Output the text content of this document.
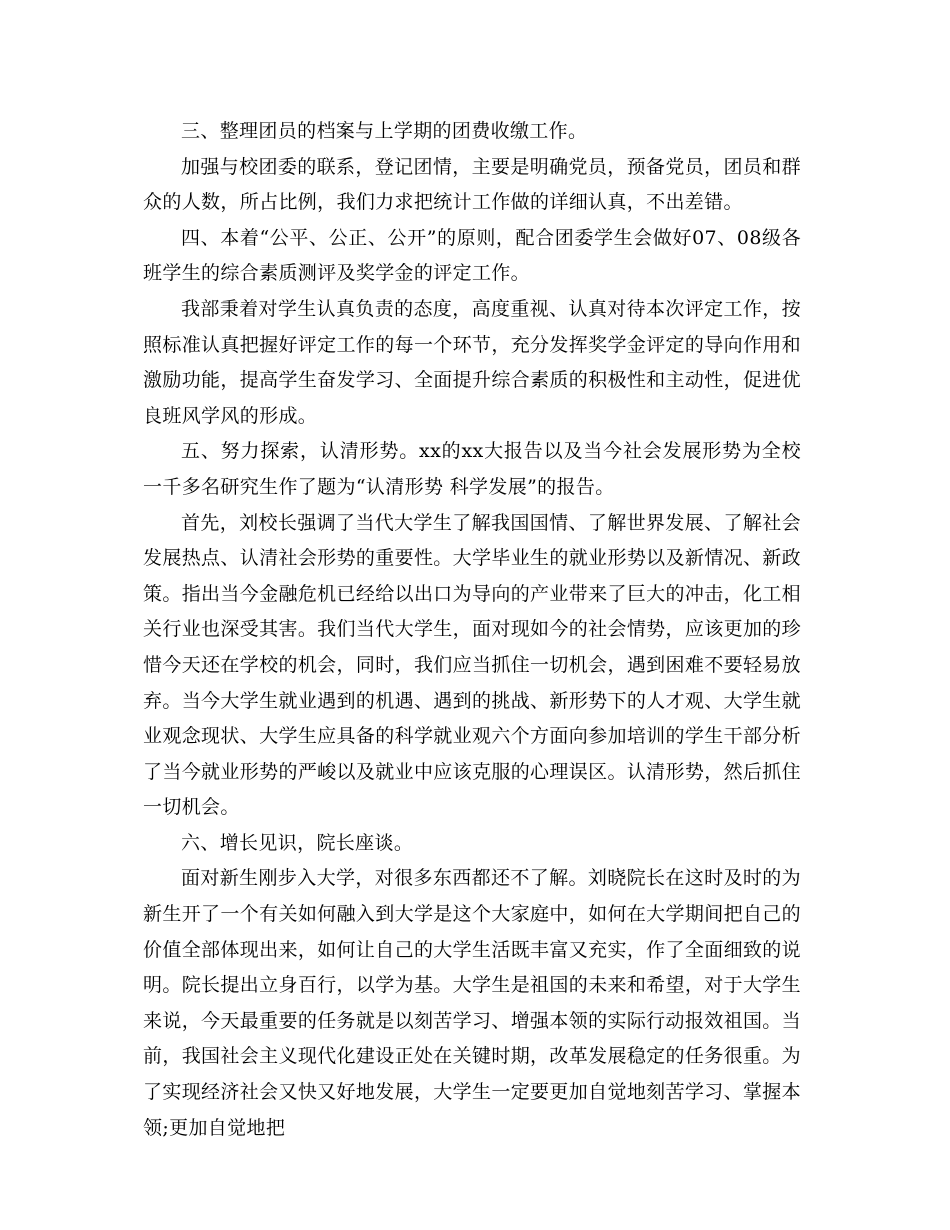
三、整理团员的档案与上学期的团费收缴工作。

加强与校团委的联系，登记团情，主要是明确党员，预备党员，团员和群众的人数，所占比例，我们力求把统计工作做的详细认真，不出差错。

四、本着“公平、公正、公开”的原则，配合团委学生会做好07、08级各班学生的综合素质测评及奖学金的评定工作。

我部秉着对学生认真负责的态度，高度重视、认真对待本次评定工作，按照标准认真把握好评定工作的每一个环节，充分发挥奖学金评定的导向作用和激励功能，提高学生奋发学习、全面提升综合素质的积极性和主动性，促进优良班风学风的形成。

五、努力探索，认清形势。xx的xx大报告以及当今社会发展形势为全校一千多名研究生作了题为“认清形势 科学发展”的报告。

首先，刘校长强调了当代大学生了解我国国情、了解世界发展、了解社会发展热点、认清社会形势的重要性。大学毕业生的就业形势以及新情况、新政策。指出当今金融危机已经给以出口为导向的产业带来了巨大的冲击，化工相关行业也深受其害。我们当代大学生，面对现如今的社会情势，应该更加的珍惜今天还在学校的机会，同时，我们应当抓住一切机会，遇到困难不要轻易放弃。当今大学生就业遇到的机遇、遇到的挑战、新形势下的人才观、大学生就业观念现状、大学生应具备的科学就业观六个方面向参加培训的学生干部分析了当今就业形势的严峻以及就业中应该克服的心理误区。认清形势，然后抓住一切机会。

六、增长见识，院长座谈。

面对新生刚步入大学，对很多东西都还不了解。刘晓院长在这时及时的为新生开了一个有关如何融入到大学是这个大家庭中，如何在大学期间把自己的价值全部体现出来，如何让自己的大学生活既丰富又充实，作了全面细致的说明。院长提出立身百行，以学为基。大学生是祖国的未来和希望，对于大学生来说，今天最重要的任务就是以刻苦学习、增强本领的实际行动报效祖国。当前，我国社会主义现代化建设正处在关键时期，改革发展稳定的任务很重。为了实现经济社会又快又好地发展，大学生一定要更加自觉地刻苦学习、掌握本领;更加自觉地把
